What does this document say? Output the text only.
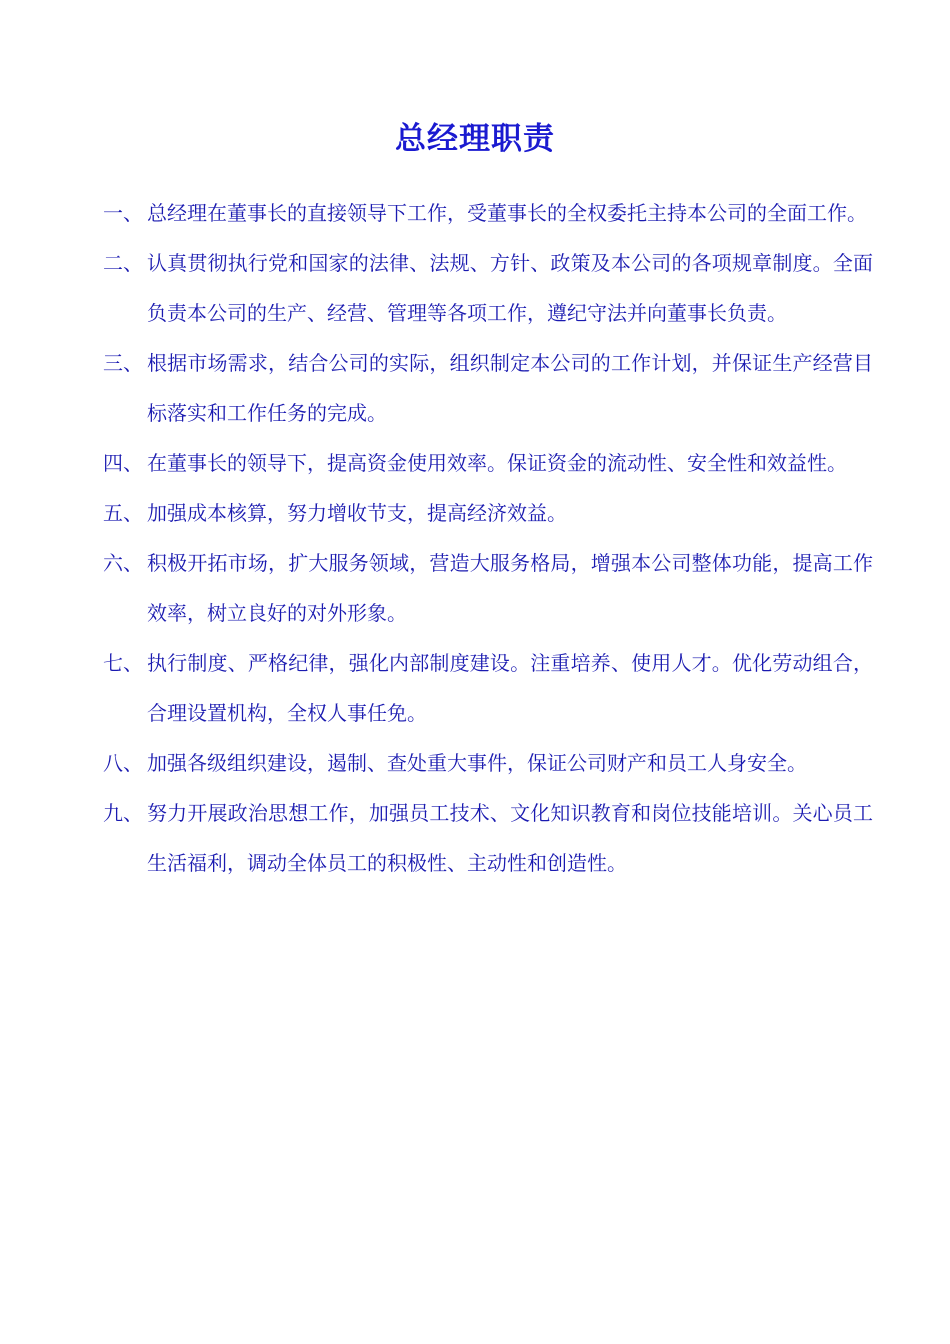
总经理职责
一、 总经理在董事长的直接领导下工作，受董事长的全权委托主持本公司的全面工作。
二、 认真贯彻执行党和国家的法律、法规、方针、政策及本公司的各项规章制度。全面负责本公司的生产、经营、管理等各项工作，遵纪守法并向董事长负责。
三、 根据市场需求，结合公司的实际，组织制定本公司的工作计划，并保证生产经营目标落实和工作任务的完成。
四、 在董事长的领导下，提高资金使用效率。保证资金的流动性、安全性和效益性。
五、 加强成本核算，努力增收节支，提高经济效益。
六、 积极开拓市场，扩大服务领域，营造大服务格局，增强本公司整体功能，提高工作效率，树立良好的对外形象。
七、 执行制度、严格纪律，强化内部制度建设。注重培养、使用人才。优化劳动组合，合理设置机构，全权人事任免。
八、 加强各级组织建设，遏制、查处重大事件，保证公司财产和员工人身安全。
九、 努力开展政治思想工作，加强员工技术、文化知识教育和岗位技能培训。关心员工生活福利，调动全体员工的积极性、主动性和创造性。
